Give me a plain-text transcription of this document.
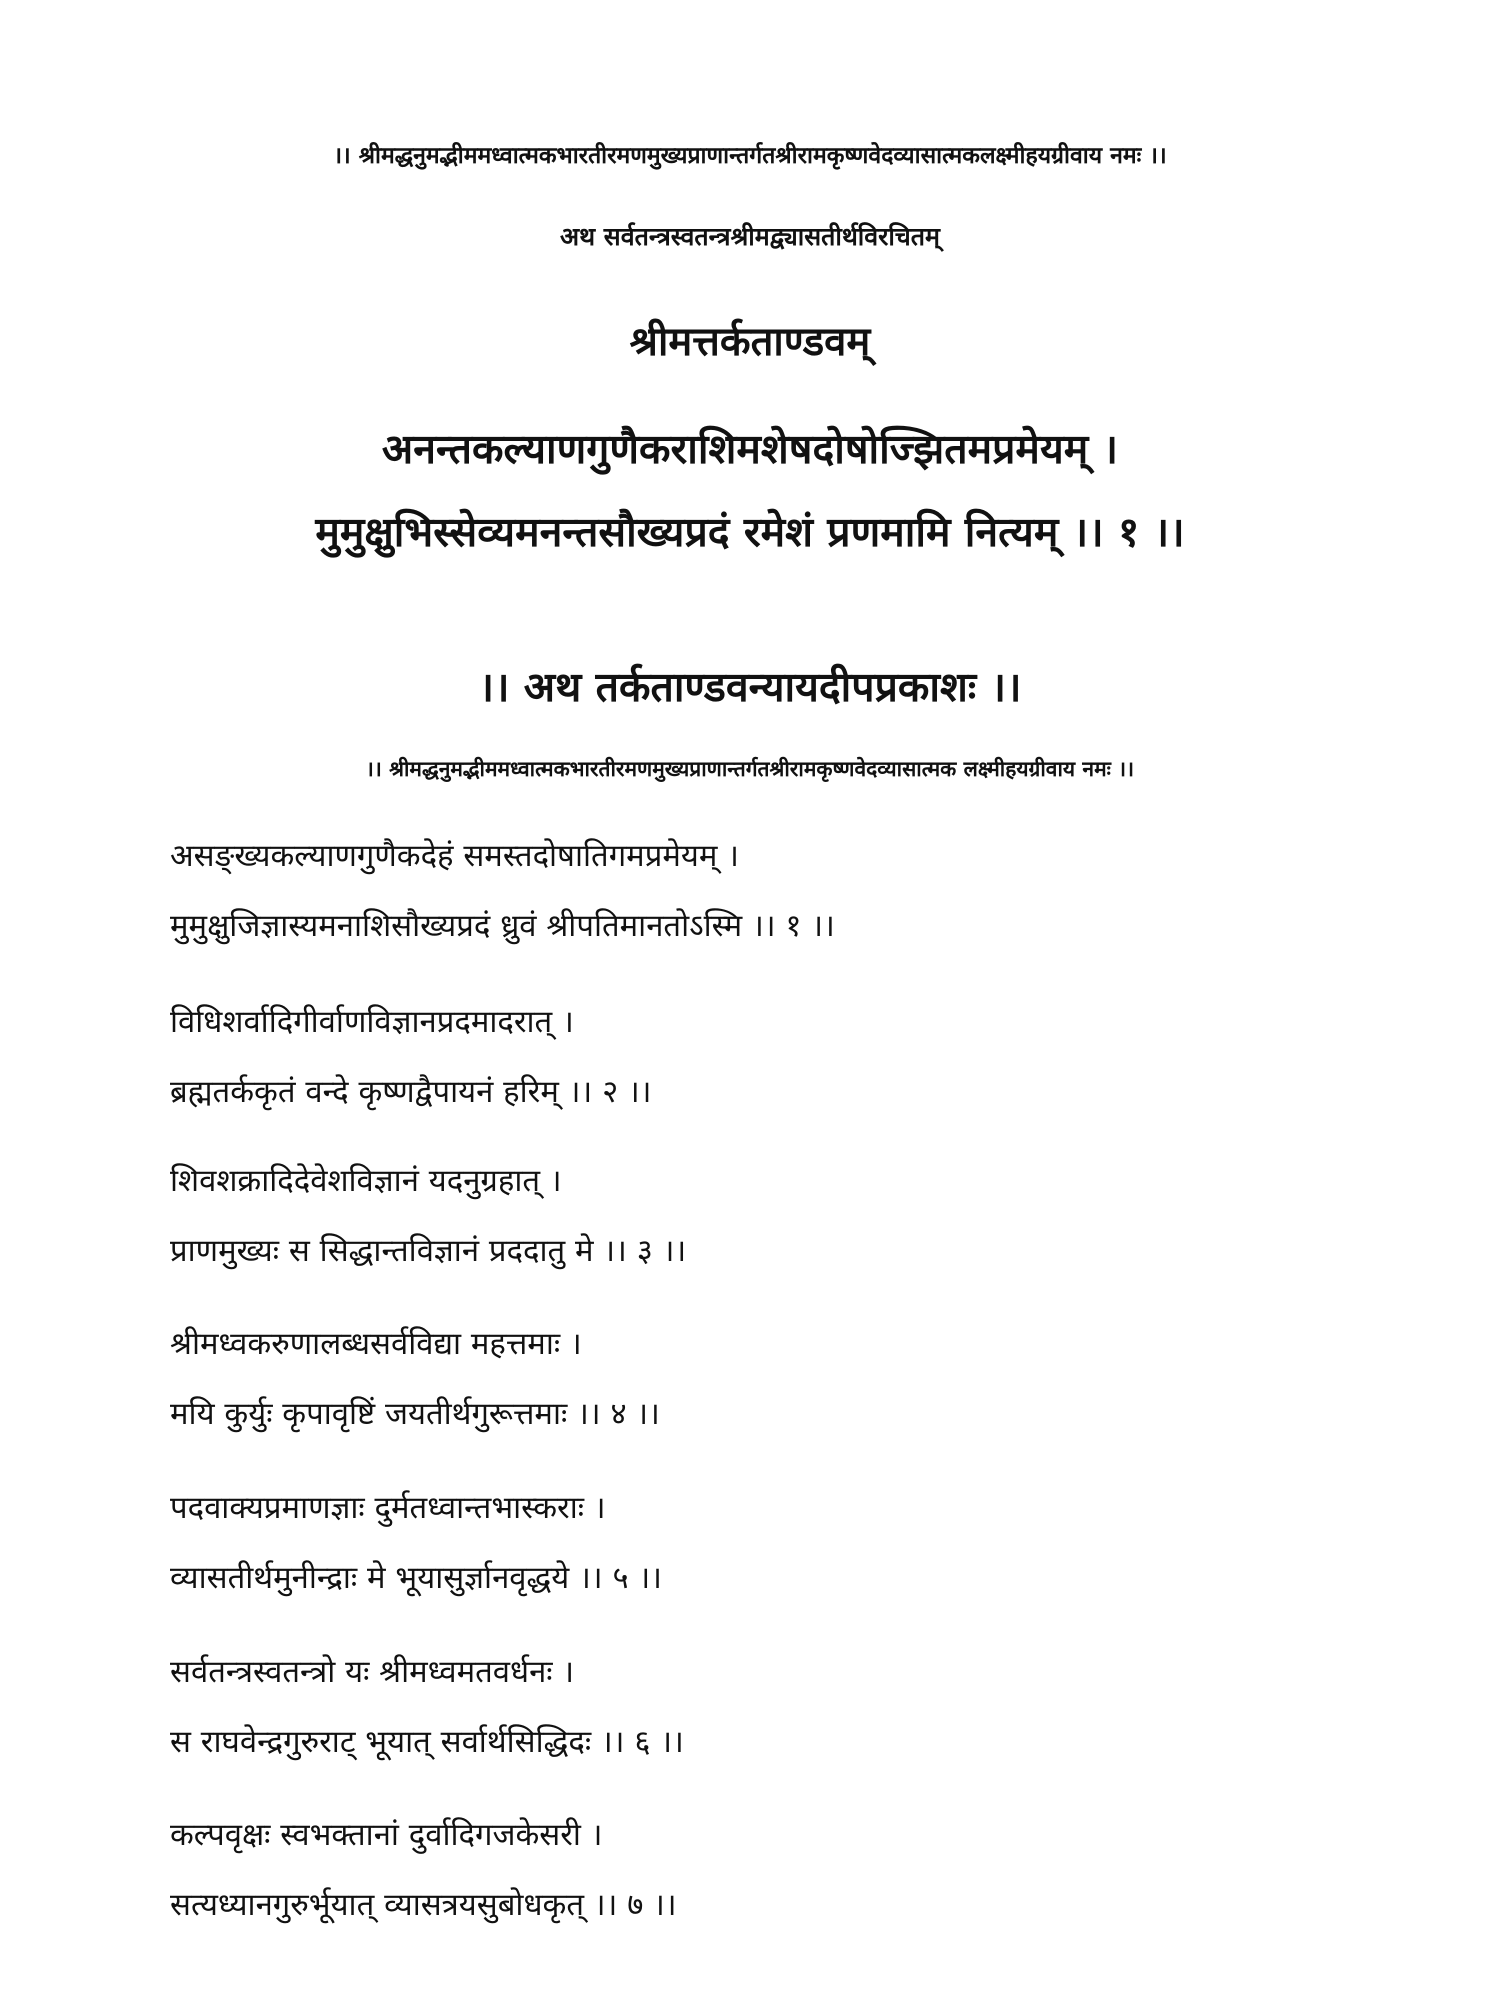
।। श्रीमद्धनुमद्भीममध्वात्मकभारतीरमणमुख्यप्राणान्तर्गतश्रीरामकृष्णवेदव्यासात्मकलक्ष्मीहयग्रीवाय नमः ।।
अथ सर्वतन्त्रस्वतन्त्रश्रीमद्व्यासतीर्थविरचितम्
श्रीमत्तर्कताण्डवम्
अनन्तकल्याणगुणैकराशिमशेषदोषोज्झितमप्रमेयम् ।
मुमुक्षुभिस्सेव्यमनन्तसौख्यप्रदं रमेशं प्रणमामि नित्यम् ।। १ ।।
।। अथ तर्कताण्डवन्यायदीपप्रकाशः ।।
।। श्रीमद्धनुमद्भीममध्वात्मकभारतीरमणमुख्यप्राणान्तर्गतश्रीरामकृष्णवेदव्यासात्मक लक्ष्मीहयग्रीवाय नमः ।।
असङ्ख्यकल्याणगुणैकदेहं समस्तदोषातिगमप्रमेयम् ।
मुमुक्षुजिज्ञास्यमनाशिसौख्यप्रदं ध्रुवं श्रीपतिमानतोऽस्मि ।। १ ।।
विधिशर्वादिगीर्वाणविज्ञानप्रदमादरात् ।
ब्रह्मतर्ककृतं वन्दे कृष्णद्वैपायनं हरिम् ।। २ ।।
शिवशक्रादिदेवेशविज्ञानं यदनुग्रहात् ।
प्राणमुख्यः स सिद्धान्तविज्ञानं प्रददातु मे ।। ३ ।।
श्रीमध्वकरुणालब्धसर्वविद्या महत्तमाः ।
मयि कुर्युः कृपावृष्टिं जयतीर्थगुरूत्तमाः ।। ४ ।।
पदवाक्यप्रमाणज्ञाः दुर्मतध्वान्तभास्कराः ।
व्यासतीर्थमुनीन्द्राः मे भूयासुर्ज्ञानवृद्धये ।। ५ ।।
सर्वतन्त्रस्वतन्त्रो यः श्रीमध्वमतवर्धनः ।
स राघवेन्द्रगुरुराट् भूयात् सर्वार्थसिद्धिदः ।। ६ ।।
कल्पवृक्षः स्वभक्तानां दुर्वादिगजकेसरी ।
सत्यध्यानगुरुर्भूयात् व्यासत्रयसुबोधकृत् ।। ७ ।।
